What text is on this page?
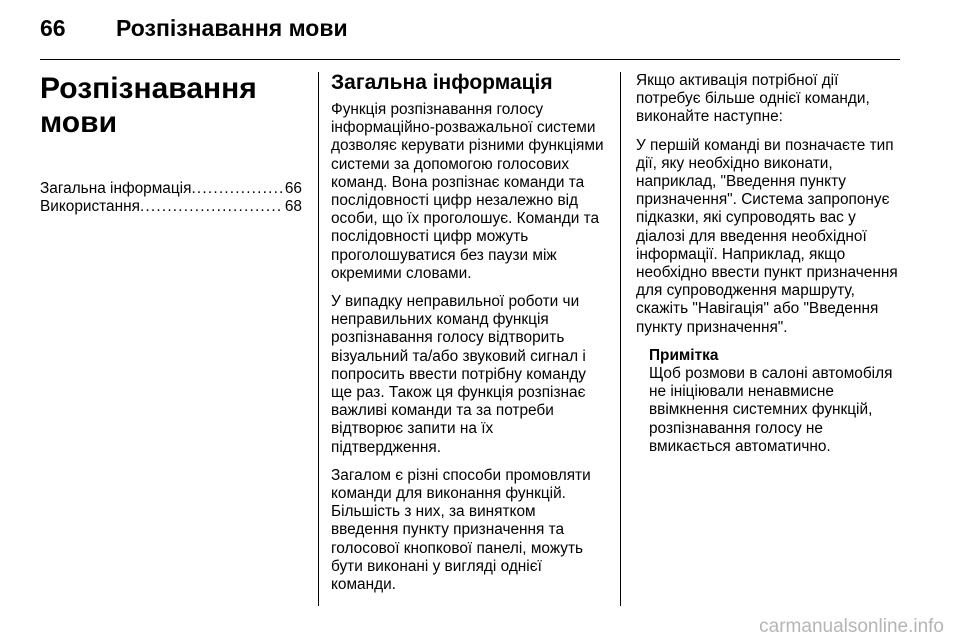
66 Розпізнавання мови
Розпізнавання мови
Загальна інформація .....	66
Використання .....	68
Загальна інформація

Функція розпізнавання голосу інформаційно-розважальної системи дозволяє керувати різними функціями системи за допомогою голосових команд. Вона розпізнає команди та послідовності цифр незалежно від особи, що їх проголошує. Команди та послідовності цифр можуть проголошуватися без паузи між окремими словами.

У випадку неправильної роботи чи неправильних команд функція розпізнавання голосу відтворить візуальний та/або звуковий сигнал і попросить ввести потрібну команду ще раз. Також ця функція розпізнає важливі команди та за потреби відтворює запити на їх підтвердження.

Загалом є різні способи промовляти команди для виконання функцій. Більшість з них, за винятком введення пункту призначення та голосової кнопкової панелі, можуть бути виконані у вигляді однієї команди.

Якщо активація потрібної дії потребує більше однієї команди, виконайте наступне:

У першій команді ви позначаєте тип дії, яку необхідно виконати, наприклад, "Введення пункту призначення". Система запропонує підказки, які супроводять вас у діалозі для введення необхідної інформації. Наприклад, якщо необхідно ввести пункт призначення для супроводження маршруту, скажіть "Навігація" або "Введення пункту призначення".

Примітка
Щоб розмови в салоні автомобіля не ініціювали ненавмисне ввімкнення системних функцій, розпізнавання голосу не вмикається автоматично.
carmanualsonline.info
